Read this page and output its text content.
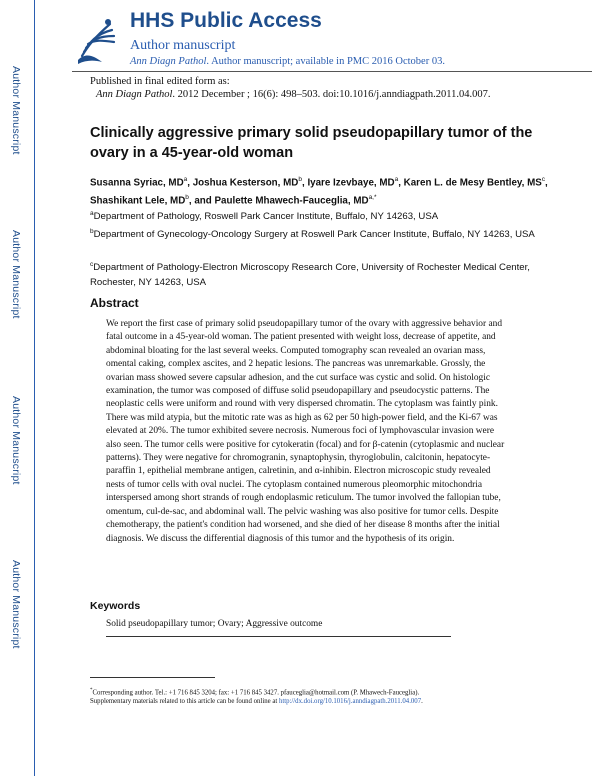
Author Manuscript
Author Manuscript
Author Manuscript
Author Manuscript
HHS Public Access
Author manuscript
Ann Diagn Pathol. Author manuscript; available in PMC 2016 October 03.
Published in final edited form as:
Ann Diagn Pathol. 2012 December ; 16(6): 498–503. doi:10.1016/j.anndiagpath.2011.04.007.
Clinically aggressive primary solid pseudopapillary tumor of the ovary in a 45-year-old woman
Susanna Syriac, $MD^a$, Joshua Kesterson, $MD^b$, Iyare Izevbaye, $MD^a$, Karen L. de Mesy Bentley, $MS^c$, Shashikant Lele, $MD^b$, and Paulette Mhawech-Fauceglia, $MD^{a,*}$
$^a$Department of Pathology, Roswell Park Cancer Institute, Buffalo, NY 14263, USA
$^b$Department of Gynecology-Oncology Surgery at Roswell Park Cancer Institute, Buffalo, NY 14263, USA
$^c$Department of Pathology-Electron Microscopy Research Core, University of Rochester Medical Center, Rochester, NY 14263, USA
Abstract
We report the first case of primary solid pseudopapillary tumor of the ovary with aggressive behavior and fatal outcome in a 45-year-old woman. The patient presented with weight loss, decrease of appetite, and abdominal bloating for the last several weeks. Computed tomography scan revealed an ovarian mass, omental caking, complex ascites, and 2 hepatic lesions. The pancreas was unremarkable. Grossly, the ovarian mass showed severe capsular adhesion, and the cut surface was cystic and solid. On histologic examination, the tumor was composed of diffuse solid pseudopapillary and pseudocystic patterns. The neoplastic cells were uniform and round with very dispersed chromatin. The cytoplasm was faintly pink. There was mild atypia, but the mitotic rate was as high as 62 per 50 high-power field, and the Ki-67 was elevated at 20%. The tumor exhibited severe necrosis. Numerous foci of lymphovascular invasion were also seen. The tumor cells were positive for cytokeratin (focal) and for β-catenin (cytoplasmic and nuclear patterns). They were negative for chromogranin, synaptophysin, thyroglobulin, calcitonin, hepatocyte-paraffin 1, epithelial membrane antigen, calretinin, and α-inhibin. Electron microscopic study revealed nests of tumor cells with oval nuclei. The cytoplasm contained numerous pleomorphic mitochondria interspersed among short strands of rough endoplasmic reticulum. The tumor involved the fallopian tube, omentum, cul-de-sac, and abdominal wall. The pelvic washing was also positive for tumor cells. Despite chemotherapy, the patient's condition had worsened, and she died of her disease 8 months after the initial diagnosis. We discuss the differential diagnosis of this tumor and the hypothesis of its origin.
Keywords
Solid pseudopapillary tumor; Ovary; Aggressive outcome
*Corresponding author. Tel.: +1 716 845 3204; fax: +1 716 845 3427. pfauceglia@hotmail.com (P. Mhawech-Fauceglia).
Supplementary materials related to this article can be found online at http://dx.doi.org/10.1016/j.anndiagpath.2011.04.007.
